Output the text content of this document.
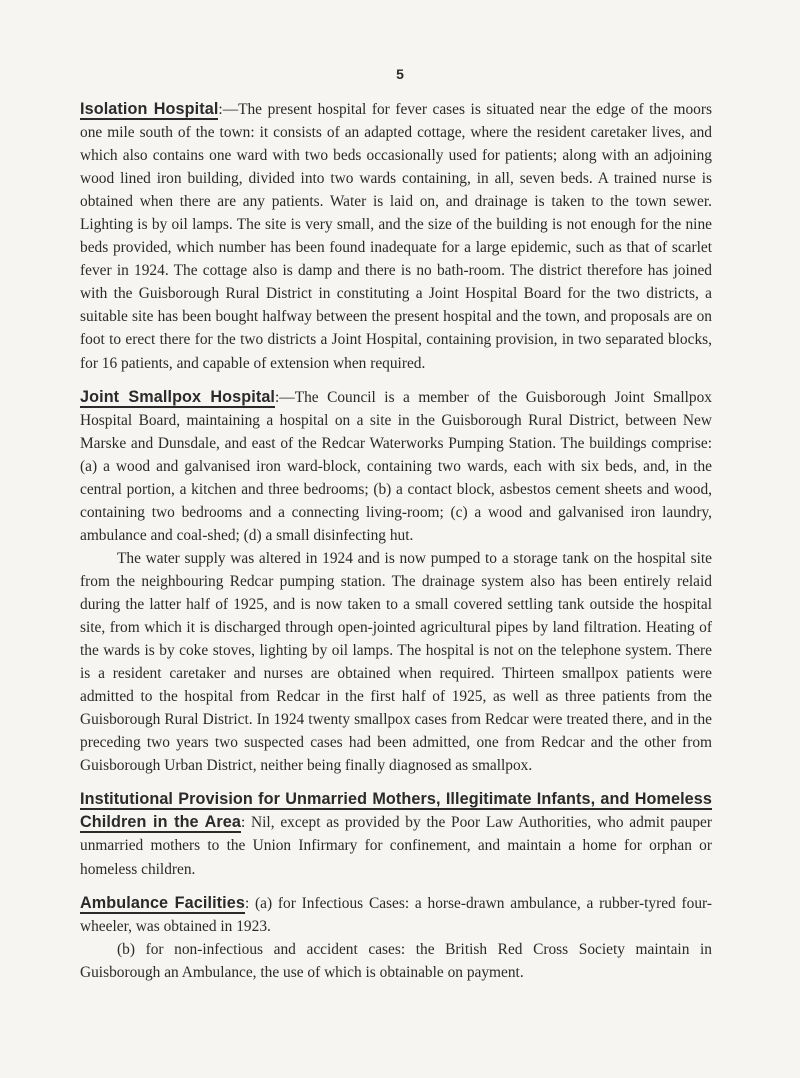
5

Isolation Hospital:—The present hospital for fever cases is situated near the edge of the moors one mile south of the town: it consists of an adapted cottage, where the resident caretaker lives, and which also contains one ward with two beds occasionally used for patients; along with an adjoining wood lined iron building, divided into two wards containing, in all, seven beds. A trained nurse is obtained when there are any patients. Water is laid on, and drainage is taken to the town sewer. Lighting is by oil lamps. The site is very small, and the size of the building is not enough for the nine beds provided, which number has been found inadequate for a large epidemic, such as that of scarlet fever in 1924. The cottage also is damp and there is no bath-room. The district therefore has joined with the Guisborough Rural District in constituting a Joint Hospital Board for the two districts, a suitable site has been bought halfway between the present hospital and the town, and proposals are on foot to erect there for the two districts a Joint Hospital, containing provision, in two separated blocks, for 16 patients, and capable of extension when required.

Joint Smallpox Hospital:—The Council is a member of the Guisborough Joint Smallpox Hospital Board, maintaining a hospital on a site in the Guisborough Rural District, between New Marske and Dunsdale, and east of the Redcar Waterworks Pumping Station. The buildings comprise: (a) a wood and galvanised iron ward-block, containing two wards, each with six beds, and, in the central portion, a kitchen and three bedrooms; (b) a contact block, asbestos cement sheets and wood, containing two bedrooms and a connecting living-room; (c) a wood and galvanised iron laundry, ambulance and coal-shed; (d) a small disinfecting hut.

The water supply was altered in 1924 and is now pumped to a storage tank on the hospital site from the neighbouring Redcar pumping station. The drainage system also has been entirely relaid during the latter half of 1925, and is now taken to a small covered settling tank outside the hospital site, from which it is discharged through open-jointed agricultural pipes by land filtration. Heating of the wards is by coke stoves, lighting by oil lamps. The hospital is not on the telephone system. There is a resident caretaker and nurses are obtained when required. Thirteen smallpox patients were admitted to the hospital from Redcar in the first half of 1925, as well as three patients from the Guisborough Rural District. In 1924 twenty smallpox cases from Redcar were treated there, and in the preceding two years two suspected cases had been admitted, one from Redcar and the other from Guisborough Urban District, neither being finally diagnosed as smallpox.

Institutional Provision for Unmarried Mothers, Illegitimate Infants, and Homeless Children in the Area: Nil, except as provided by the Poor Law Authorities, who admit pauper unmarried mothers to the Union Infirmary for confinement, and maintain a home for orphan or homeless children.

Ambulance Facilities: (a) for Infectious Cases: a horse-drawn ambulance, a rubber-tyred four-wheeler, was obtained in 1923.

(b) for non-infectious and accident cases: the British Red Cross Society maintain in Guisborough an Ambulance, the use of which is obtainable on payment.
